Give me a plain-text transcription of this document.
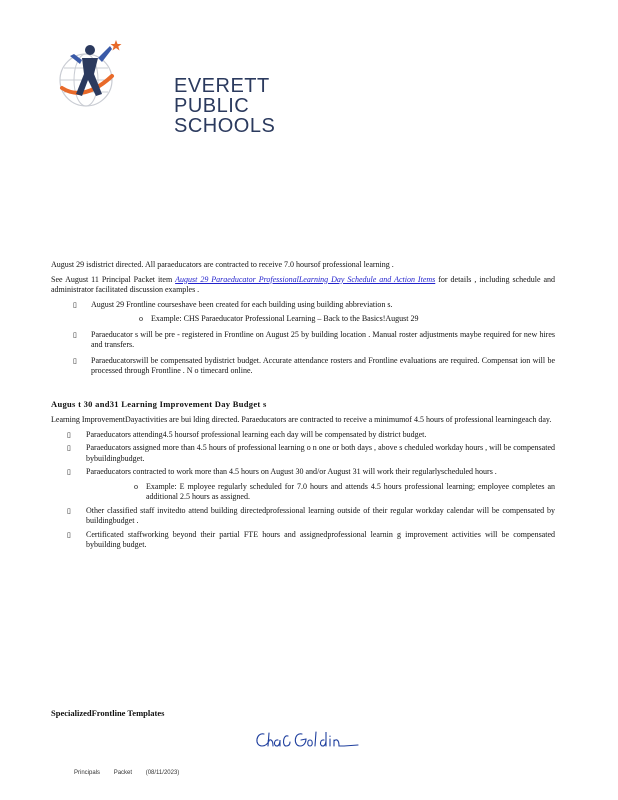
EVERETT
PUBLIC
SCHOOLS

August 29 isdistrict directed. All paraeducators are contracted to receive 7.0 hoursof professional learning .

See August 11 Principal Packet item August 29 Paraeducator ProfessionalLearning Day Schedule and Action Items for details , including schedule and administrator facilitated discussion examples .

▯ August 29 Frontline courseshave been created for each building using building abbreviation s.
o Example: CHS Paraeducator Professional Learning – Back to the Basics!August 29
▯ Paraeducator s will be pre - registered in Frontline on August 25 by building location . Manual roster adjustments maybe required for new hires and transfers.
▯ Paraeducatorswill be compensated bydistrict budget. Accurate attendance rosters and Frontline evaluations are required. Compensat ion will be processed through Frontline . N o timecard online.
Augus t 30 and31 Learning Improvement Day Budget s

Learning ImprovementDayactivities are bui lding directed. Paraeducators are contracted to receive a minimumof 4.5 hours of professional learningeach day.

▯ Paraeducators attending4.5 hoursof professional learning each day will be compensated by district budget.
▯ Paraeducators assigned more than 4.5 hours of professional learning o n one or both days , above s cheduled workday hours , will be compensated bybuildingbudget.
▯ Paraeducators contracted to work more than 4.5 hours on August 30 and/or August 31 will work their regularlyscheduled hours .
o Example: E mployee regularly scheduled for 7.0 hours and attends 4.5 hours professional learning; employee completes an additional 2.5 hours as assigned.
▯ Other classified staff invitedto attend building directedprofessional learning outside of their regular workday calendar will be compensated by buildingbudget .
▯ Certificated staffworking beyond their partial FTE hours and assignedprofessional learnin g improvement activities will be compensated bybuilding budget.
SpecializedFrontline Templates
Principals Packet (08/11/2023)
